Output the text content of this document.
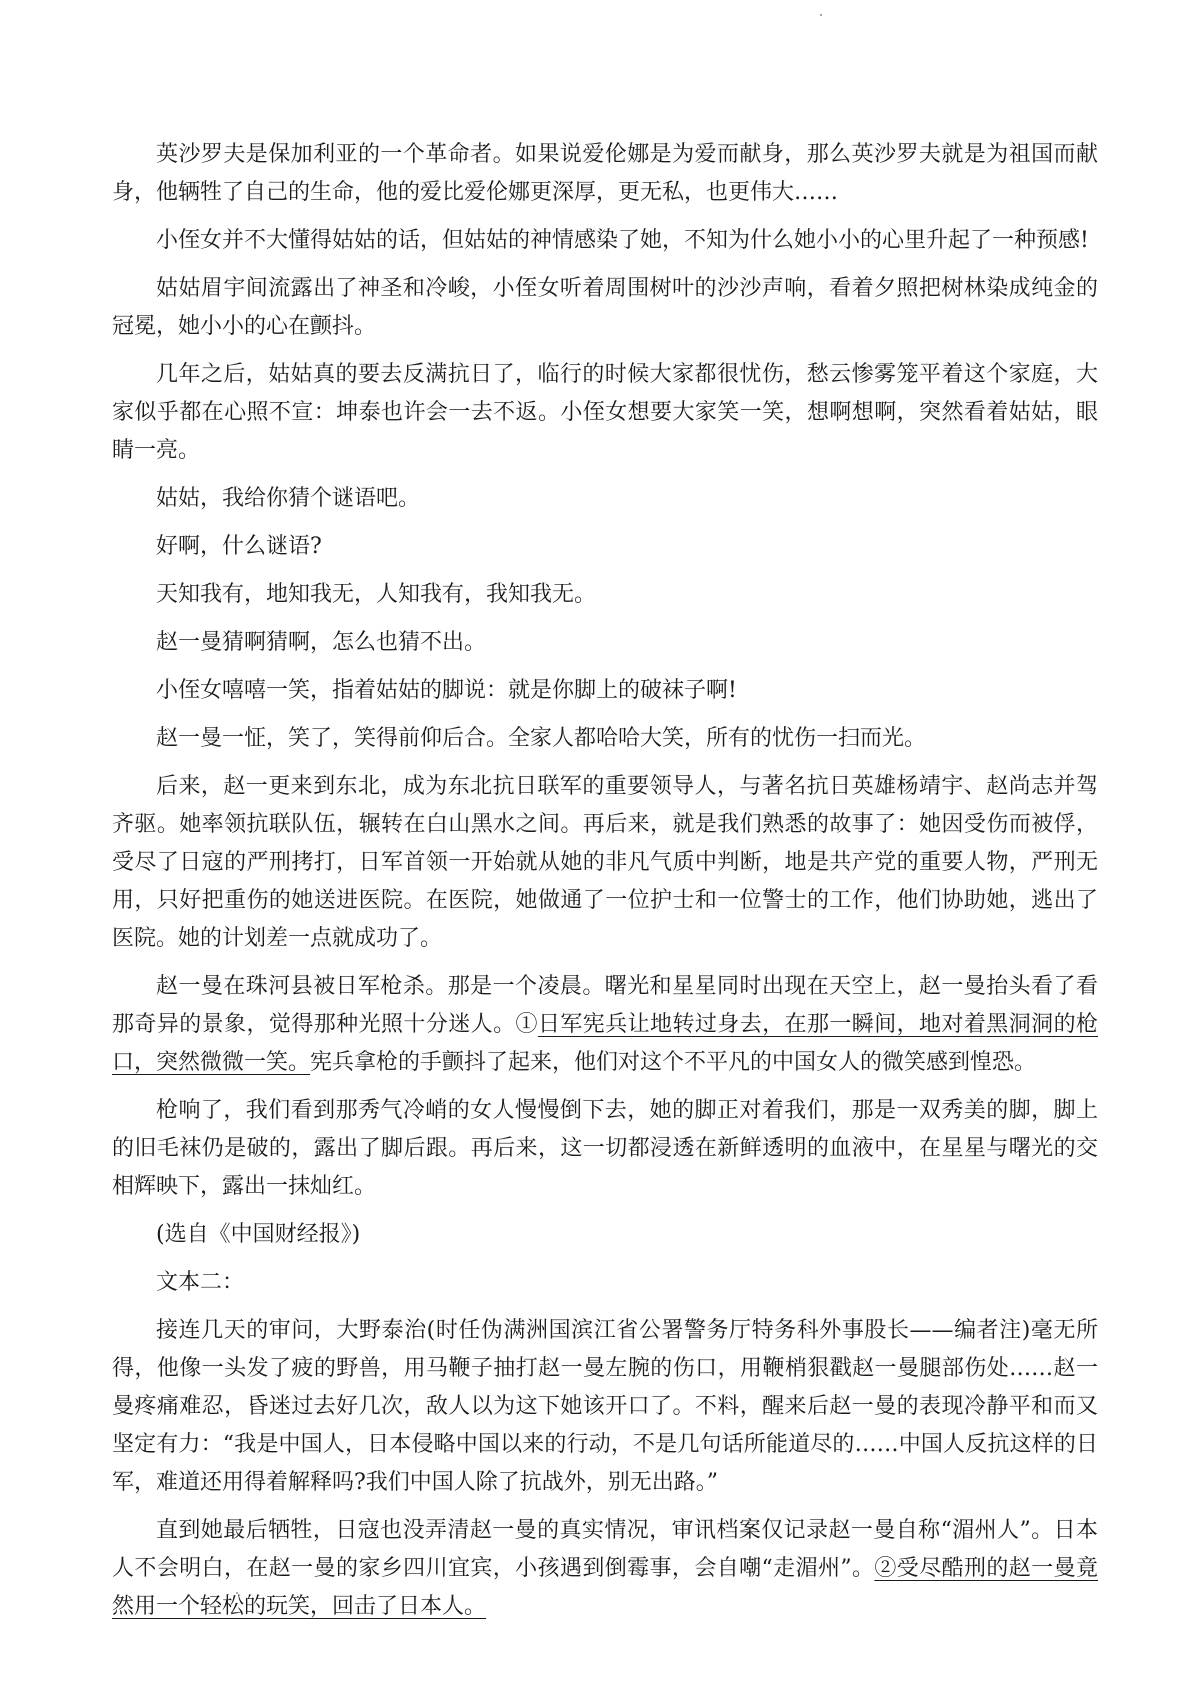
英沙罗夫是保加利亚的一个革命者。如果说爱伦娜是为爱而献身，那么英沙罗夫就是为祖国而献身，他辆牲了自己的生命，他的爱比爱伦娜更深厚，更无私，也更伟大……

小侄女并不大懂得姑姑的话，但姑姑的神情感染了她，不知为什么她小小的心里升起了一种预感!

姑姑眉宇间流露出了神圣和冷峻，小侄女听着周围树叶的沙沙声响，看着夕照把树林染成纯金的冠冕，她小小的心在颤抖。

几年之后，姑姑真的要去反满抗日了，临行的时候大家都很忧伤，愁云惨雾笼平着这个家庭，大家似乎都在心照不宣：坤泰也许会一去不返。小侄女想要大家笑一笑，想啊想啊，突然看着姑姑，眼睛一亮。

姑姑，我给你猜个谜语吧。

好啊，什么谜语?

天知我有，地知我无，人知我有，我知我无。

赵一曼猜啊猜啊，怎么也猜不出。

小侄女嘻嘻一笑，指着姑姑的脚说：就是你脚上的破袜子啊!

赵一曼一怔，笑了，笑得前仰后合。全家人都哈哈大笑，所有的忧伤一扫而光。

后来，赵一更来到东北，成为东北抗日联军的重要领导人，与著名抗日英雄杨靖宇、赵尚志并驾齐驱。她率领抗联队伍，辗转在白山黑水之间。再后来，就是我们熟悉的故事了：她因受伤而被俘，受尽了日寇的严刑拷打，日军首领一开始就从她的非凡气质中判断，地是共产党的重要人物，严刑无用，只好把重伤的她送进医院。在医院，她做通了一位护士和一位警士的工作，他们协助她，逃出了医院。她的计划差一点就成功了。

赵一曼在珠河县被日军枪杀。那是一个凌晨。曙光和星星同时出现在天空上，赵一曼抬头看了看那奇异的景象，觉得那种光照十分迷人。①日军宪兵让地转过身去，在那一瞬间，地对着黑洞洞的枪口，突然微微一笑。宪兵拿枪的手颤抖了起来，他们对这个不平凡的中国女人的微笑感到惶恐。

枪响了，我们看到那秀气冷峭的女人慢慢倒下去，她的脚正对着我们，那是一双秀美的脚，脚上的旧毛袜仍是破的，露出了脚后跟。再后来，这一切都浸透在新鲜透明的血液中，在星星与曙光的交相辉映下，露出一抹灿红。

(选自《中国财经报》)

文本二：

接连几天的审问，大野泰治(时任伪满洲国滨江省公署警务厅特务科外事股长——编者注)毫无所得，他像一头发了疲的野兽，用马鞭子抽打赵一曼左腕的伤口，用鞭梢狠戳赵一曼腿部伤处……赵一曼疼痛难忍，昏迷过去好几次，敌人以为这下她该开口了。不料，醒来后赵一曼的表现冷静平和而又坚定有力：“我是中国人，日本侵略中国以来的行动，不是几句话所能道尽的……中国人反抗这样的日军，难道还用得着解释吗?我们中国人除了抗战外，别无出路。”

直到她最后牺牲，日寇也没弄清赵一曼的真实情况，审讯档案仅记录赵一曼自称“湄州人”。日本人不会明白，在赵一曼的家乡四川宜宾，小孩遇到倒霉事，会自嘲“走湄州”。②受尽酷刑的赵一曼竟然用一个轻松的玩笑，回击了日本人。
